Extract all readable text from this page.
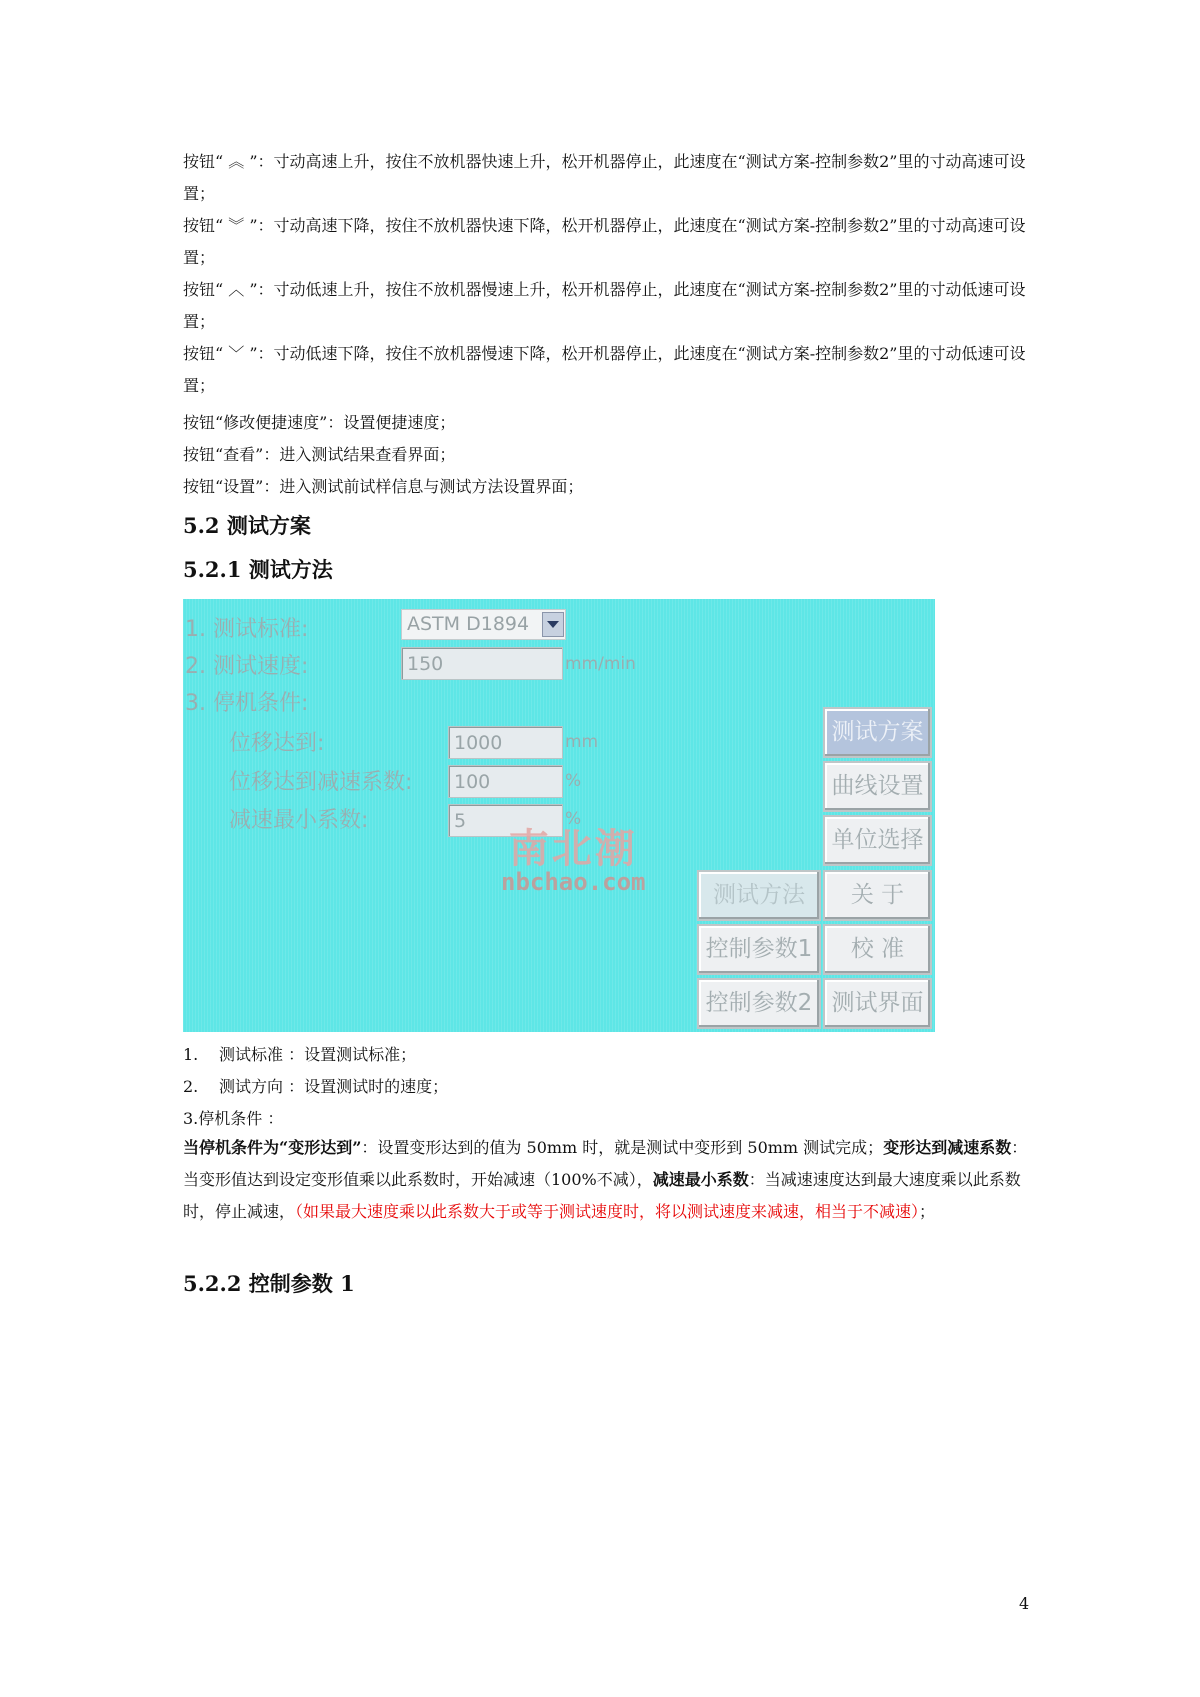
按钮“ ︽ ”：寸动高速上升，按住不放机器快速上升，松开机器停止，此速度在“测试方案-控制参数2”里的寸动高速可设置；
按钮“ ︾ ”：寸动高速下降，按住不放机器快速下降，松开机器停止，此速度在“测试方案-控制参数2”里的寸动高速可设置；
按钮“ ︿ ”：寸动低速上升，按住不放机器慢速上升，松开机器停止，此速度在“测试方案-控制参数2”里的寸动低速可设置；
按钮“ ﹀ ”：寸动低速下降，按住不放机器慢速下降，松开机器停止，此速度在“测试方案-控制参数2”里的寸动低速可设置；
按钮“修改便捷速度”：设置便捷速度；
按钮“查看”：进入测试结果查看界面；
按钮“设置”：进入测试前试样信息与测试方法设置界面；
5.2 测试方案
5.2.1 测试方法
1. 测试标准:	ASTM D1894
2. 测试速度:	150	mm/min
3. 停机条件:
位移达到:	1000	mm
位移达到减速系数:	100	%
减速最小系数:	5	%
南北潮
nbchao.com
测试方案
曲线设置
单位选择
测试方法	关 于
控制参数1	校 准
控制参数2 测试界面
1. 测试标准 ：设置测试标准；
2. 测试方向 ：设置测试时的速度；
3.停机条件 ：
当停机条件为“变形达到”：设置变形达到的值为 50mm 时，就是测试中变形到 50mm 测试完成；变形达到减速系数：当变形值达到设定变形值乘以此系数时，开始减速（100%不减），减速最小系数：当减速速度达到最大速度乘以此系数时，停止减速，（如果最大速度乘以此系数大于或等于测试速度时，将以测试速度来减速，相当于不减速）；
5.2.2 控制参数 1
4
